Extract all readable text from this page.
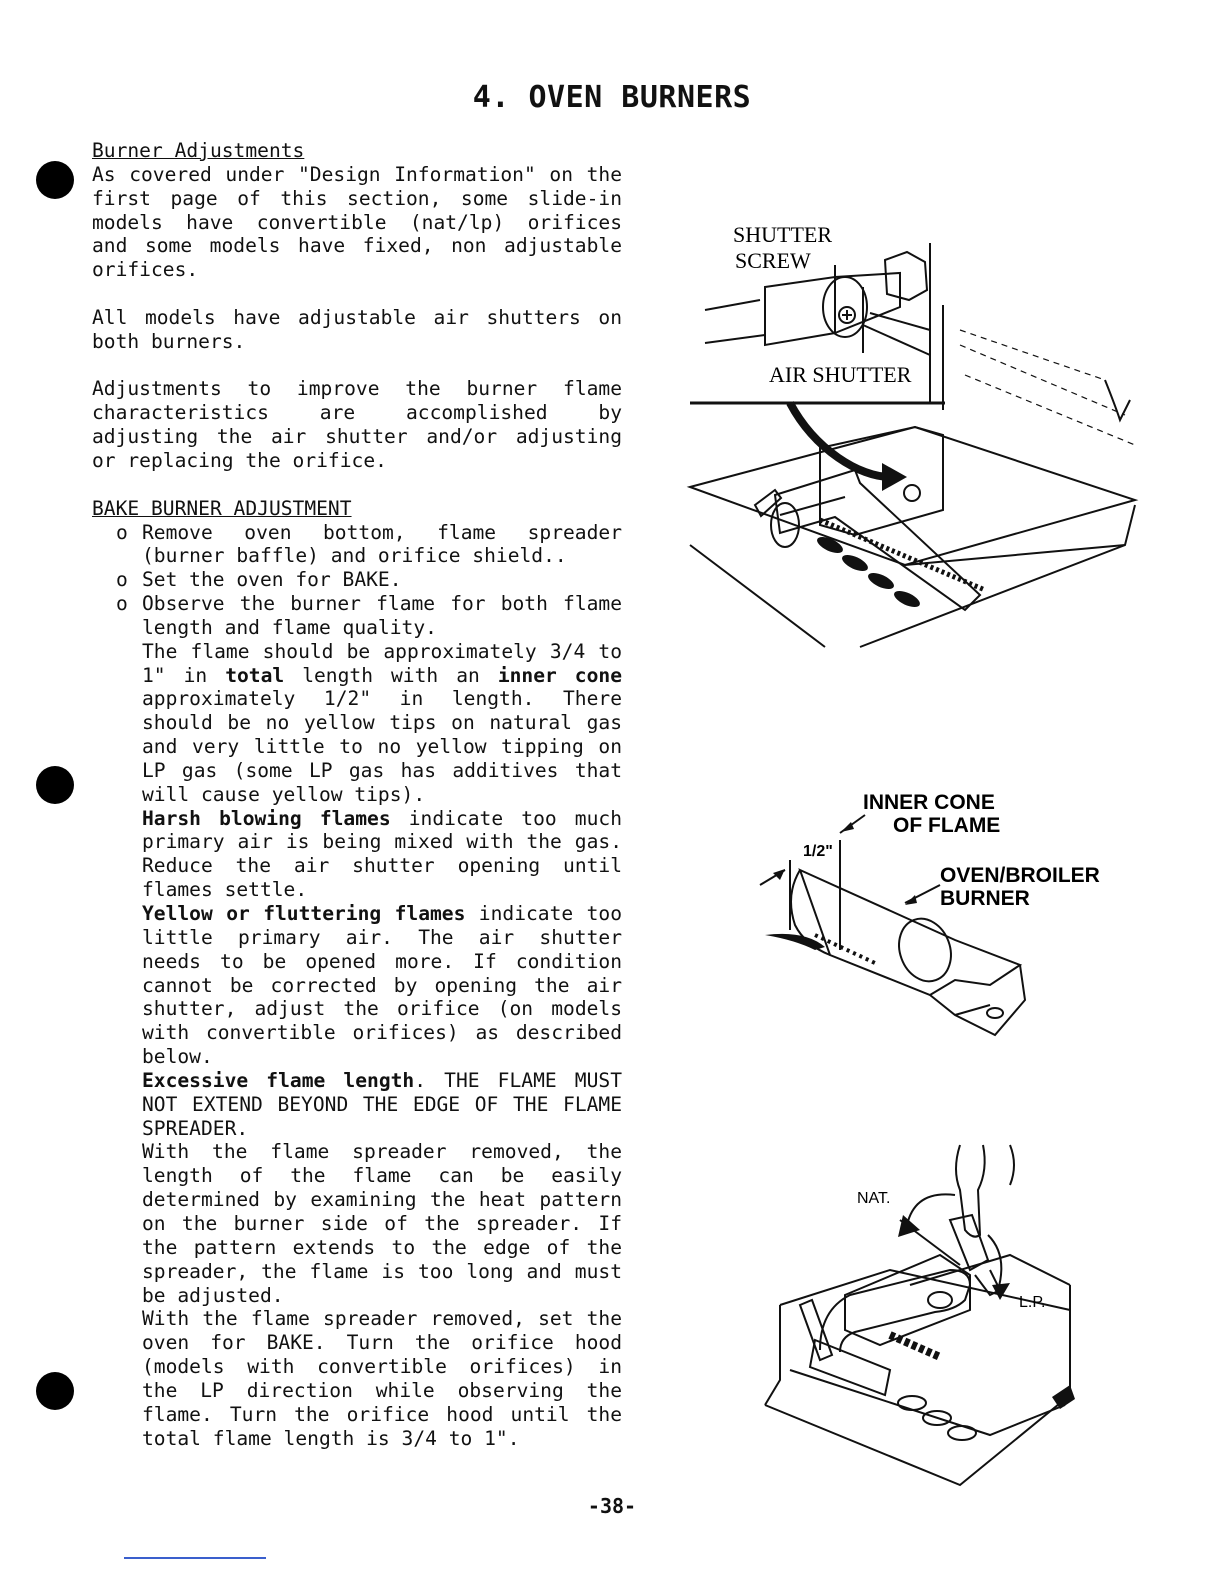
4. OVEN BURNERS
Burner Adjustments

As covered under "Design Information" on the first page of this section, some slide-in models have convertible (nat/lp) orifices and some models have fixed, non adjustable orifices.

All models have adjustable air shutters on both burners.

Adjustments to improve the burner flame characteristics are accomplished by adjusting the air shutter and/or adjusting or replacing the orifice.

BAKE BURNER ADJUSTMENT
o Remove oven bottom, flame spreader (burner baffle) and orifice shield..
o Set the oven for BAKE.
o Observe the burner flame for both flame length and flame quality.
The flame should be approximately 3/4 to 1" in total length with an inner cone approximately 1/2" in length. There should be no yellow tips on natural gas and very little to no yellow tipping on LP gas (some LP gas has additives that will cause yellow tips).
Harsh blowing flames indicate too much primary air is being mixed with the gas. Reduce the air shutter opening until flames settle.
Yellow or fluttering flames indicate too little primary air. The air shutter needs to be opened more. If condition cannot be corrected by opening the air shutter, adjust the orifice (on models with convertible orifices) as described below.
Excessive flame length. THE FLAME MUST NOT EXTEND BEYOND THE EDGE OF THE FLAME SPREADER.
With the flame spreader removed, the length of the flame can be easily determined by examining the heat pattern on the burner side of the spreader. If the pattern extends to the edge of the spreader, the flame is too long and must be adjusted.
With the flame spreader removed, set the oven for BAKE. Turn the orifice hood (models with convertible orifices) in the LP direction while observing the flame. Turn the orifice hood until the total flame length is 3/4 to 1".
SHUTTER
SCREW
AIR SHUTTER
INNER CONE
OF FLAME
1/2"
OVEN/BROILER
BURNER
NAT.
L.P.
-38-
